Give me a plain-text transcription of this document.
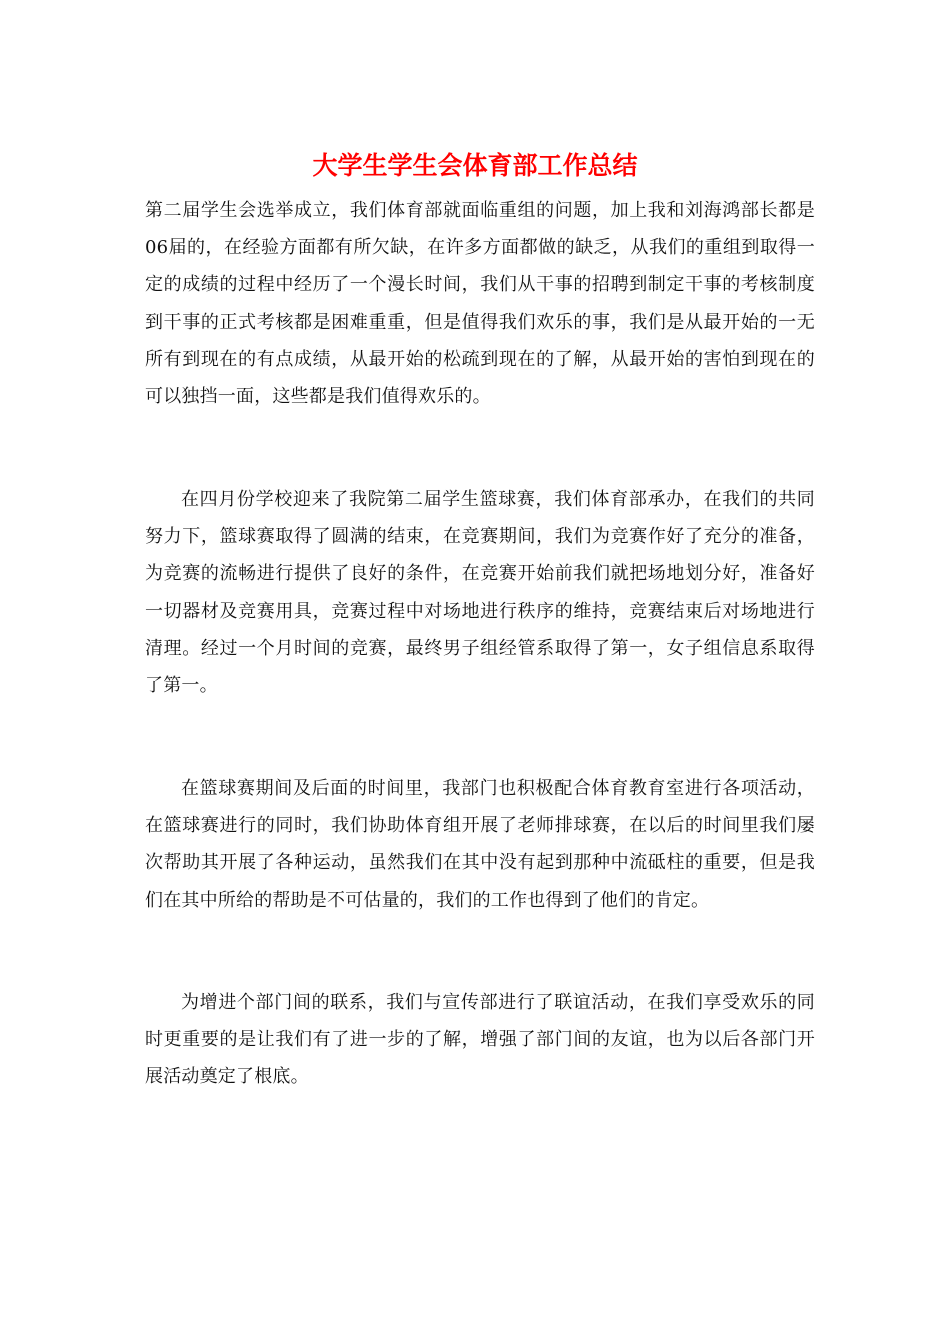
大学生学生会体育部工作总结

第二届学生会选举成立，我们体育部就面临重组的问题，加上我和刘海鸿部长都是06届的，在经验方面都有所欠缺，在许多方面都做的缺乏，从我们的重组到取得一定的成绩的过程中经历了一个漫长时间，我们从干事的招聘到制定干事的考核制度到干事的正式考核都是困难重重，但是值得我们欢乐的事，我们是从最开始的一无所有到现在的有点成绩，从最开始的松疏到现在的了解，从最开始的害怕到现在的可以独挡一面，这些都是我们值得欢乐的。

在四月份学校迎来了我院第二届学生篮球赛，我们体育部承办，在我们的共同努力下，篮球赛取得了圆满的结束，在竞赛期间，我们为竞赛作好了充分的准备，为竞赛的流畅进行提供了良好的条件，在竞赛开始前我们就把场地划分好，准备好一切器材及竞赛用具，竞赛过程中对场地进行秩序的维持，竞赛结束后对场地进行清理。经过一个月时间的竞赛，最终男子组经管系取得了第一，女子组信息系取得了第一。

在篮球赛期间及后面的时间里，我部门也积极配合体育教育室进行各项活动，在篮球赛进行的同时，我们协助体育组开展了老师排球赛，在以后的时间里我们屡次帮助其开展了各种运动，虽然我们在其中没有起到那种中流砥柱的重要，但是我们在其中所给的帮助是不可估量的，我们的工作也得到了他们的肯定。

为增进个部门间的联系，我们与宣传部进行了联谊活动，在我们享受欢乐的同时更重要的是让我们有了进一步的了解，增强了部门间的友谊，也为以后各部门开展活动奠定了根底。
